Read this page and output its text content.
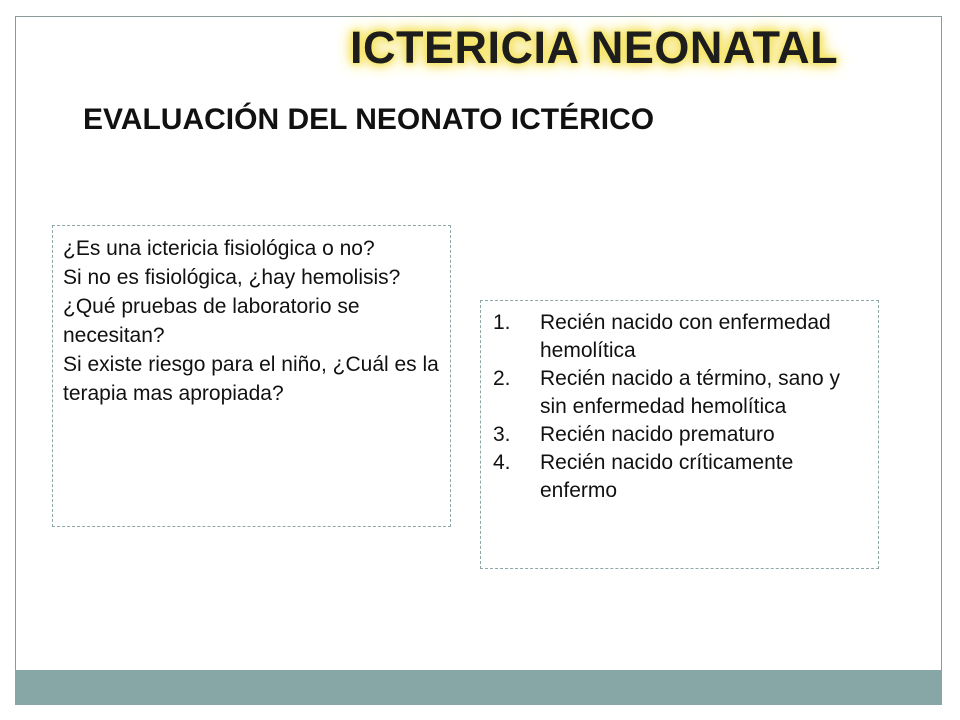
ICTERICIA NEONATAL
EVALUACIÓN DEL NEONATO ICTÉRICO
¿Es una ictericia fisiológica o no?
Si no es fisiológica, ¿hay hemolisis?
¿Qué pruebas de laboratorio se necesitan?
Si existe riesgo para el niño, ¿Cuál es la terapia mas apropiada?
1.	Recién nacido con enfermedad hemolítica
2.	Recién nacido a término, sano y sin enfermedad hemolítica
3.	Recién nacido prematuro
4.	Recién nacido críticamente enfermo
